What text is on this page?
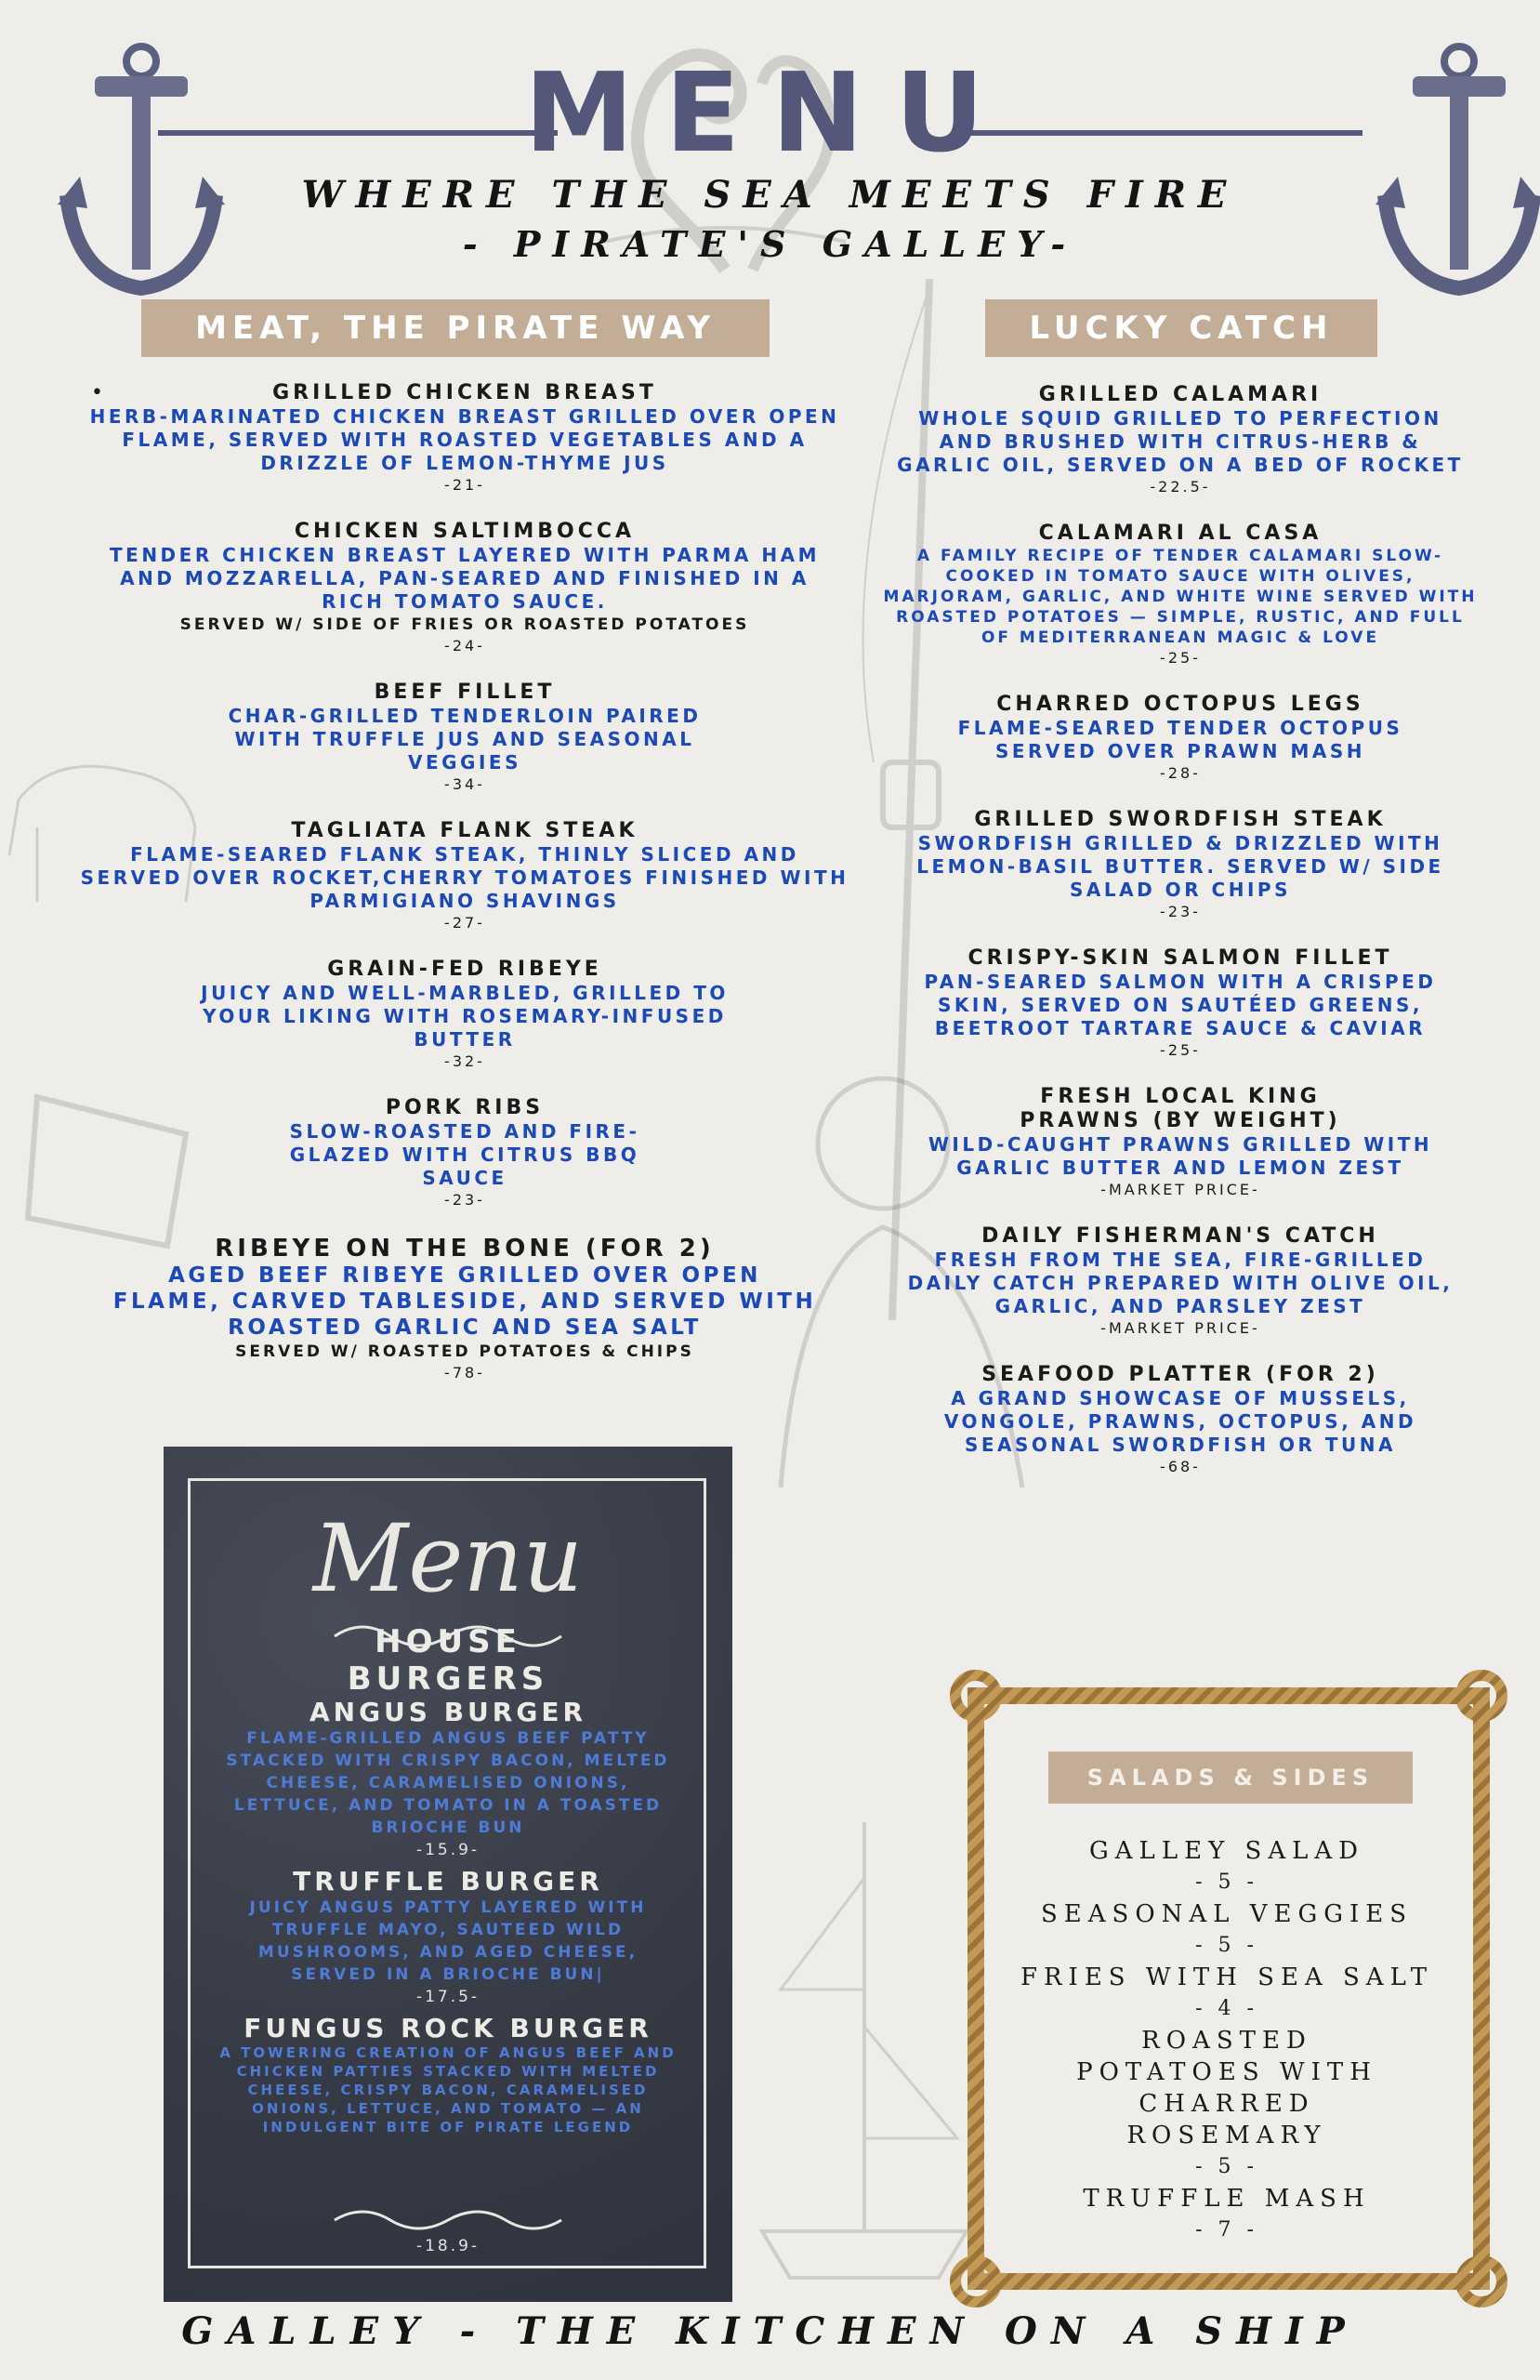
MENU
WHERE THE SEA MEETS FIRE
- PIRATE'S GALLEY-
MEAT, THE PIRATE WAY	LUCKY CATCH
•	GRILLED CHICKEN BREAST
HERB-MARINATED CHICKEN BREAST GRILLED OVER OPEN FLAME, SERVED WITH ROASTED VEGETABLES AND A DRIZZLE OF LEMON-THYME JUS
-21-
CHICKEN SALTIMBOCCA
TENDER CHICKEN BREAST LAYERED WITH PARMA HAM AND MOZZARELLA, PAN-SEARED AND FINISHED IN A RICH TOMATO SAUCE.
SERVED W/ SIDE OF FRIES OR ROASTED POTATOES
-24-
BEEF FILLET
CHAR-GRILLED TENDERLOIN PAIRED WITH TRUFFLE JUS AND SEASONAL VEGGIES
-34-
TAGLIATA FLANK STEAK
FLAME-SEARED FLANK STEAK, THINLY SLICED AND SERVED OVER ROCKET,CHERRY TOMATOES FINISHED WITH PARMIGIANO SHAVINGS
-27-
GRAIN-FED RIBEYE
JUICY AND WELL-MARBLED, GRILLED TO YOUR LIKING WITH ROSEMARY-INFUSED BUTTER
-32-
PORK RIBS
SLOW-ROASTED AND FIRE-GLAZED WITH CITRUS BBQ SAUCE
-23-
RIBEYE ON THE BONE (FOR 2)
AGED BEEF RIBEYE GRILLED OVER OPEN FLAME, CARVED TABLESIDE, AND SERVED WITH ROASTED GARLIC AND SEA SALT
SERVED W/ ROASTED POTATOES & CHIPS
-78-
GRILLED CALAMARI
WHOLE SQUID GRILLED TO PERFECTION AND BRUSHED WITH CITRUS-HERB & GARLIC OIL, SERVED ON A BED OF ROCKET
-22.5-
CALAMARI AL CASA
A FAMILY RECIPE OF TENDER CALAMARI SLOW-COOKED IN TOMATO SAUCE WITH OLIVES, MARJORAM, GARLIC, AND WHITE WINE SERVED WITH ROASTED POTATOES — SIMPLE, RUSTIC, AND FULL OF MEDITERRANEAN MAGIC & LOVE
-25-
CHARRED OCTOPUS LEGS
FLAME-SEARED TENDER OCTOPUS SERVED OVER PRAWN MASH
-28-
GRILLED SWORDFISH STEAK
SWORDFISH GRILLED & DRIZZLED WITH LEMON-BASIL BUTTER. SERVED W/ SIDE SALAD OR CHIPS
-23-
CRISPY-SKIN SALMON FILLET
PAN-SEARED SALMON WITH A CRISPED SKIN, SERVED ON SAUTÉED GREENS, BEETROOT TARTARE SAUCE & CAVIAR
-25-
FRESH LOCAL KING PRAWNS (BY WEIGHT)
WILD-CAUGHT PRAWNS GRILLED WITH GARLIC BUTTER AND LEMON ZEST
-MARKET PRICE-
DAILY FISHERMAN'S CATCH
FRESH FROM THE SEA, FIRE-GRILLED DAILY CATCH PREPARED WITH OLIVE OIL, GARLIC, AND PARSLEY ZEST
-MARKET PRICE-
SEAFOOD PLATTER (FOR 2)
A GRAND SHOWCASE OF MUSSELS, VONGOLE, PRAWNS, OCTOPUS, AND SEASONAL SWORDFISH OR TUNA
-68-
Menu
HOUSE
BURGERS
ANGUS BURGER
FLAME-GRILLED ANGUS BEEF PATTY STACKED WITH CRISPY BACON, MELTED CHEESE, CARAMELISED ONIONS, LETTUCE, AND TOMATO IN A TOASTED BRIOCHE BUN
-15.9-
TRUFFLE BURGER
JUICY ANGUS PATTY LAYERED WITH TRUFFLE MAYO, SAUTEED WILD MUSHROOMS, AND AGED CHEESE, SERVED IN A BRIOCHE BUN|
-17.5-
FUNGUS ROCK BURGER
A TOWERING CREATION OF ANGUS BEEF AND CHICKEN PATTIES STACKED WITH MELTED CHEESE, CRISPY BACON, CARAMELISED ONIONS, LETTUCE, AND TOMATO — AN INDULGENT BITE OF PIRATE LEGEND
-18.9-
SALADS & SIDES
GALLEY SALAD
- 5 -
SEASONAL VEGGIES
- 5 -
FRIES WITH SEA SALT
- 4 -
ROASTED POTATOES WITH CHARRED ROSEMARY
- 5 -
TRUFFLE MASH
- 7 -
GALLEY - THE KITCHEN ON A SHIP
